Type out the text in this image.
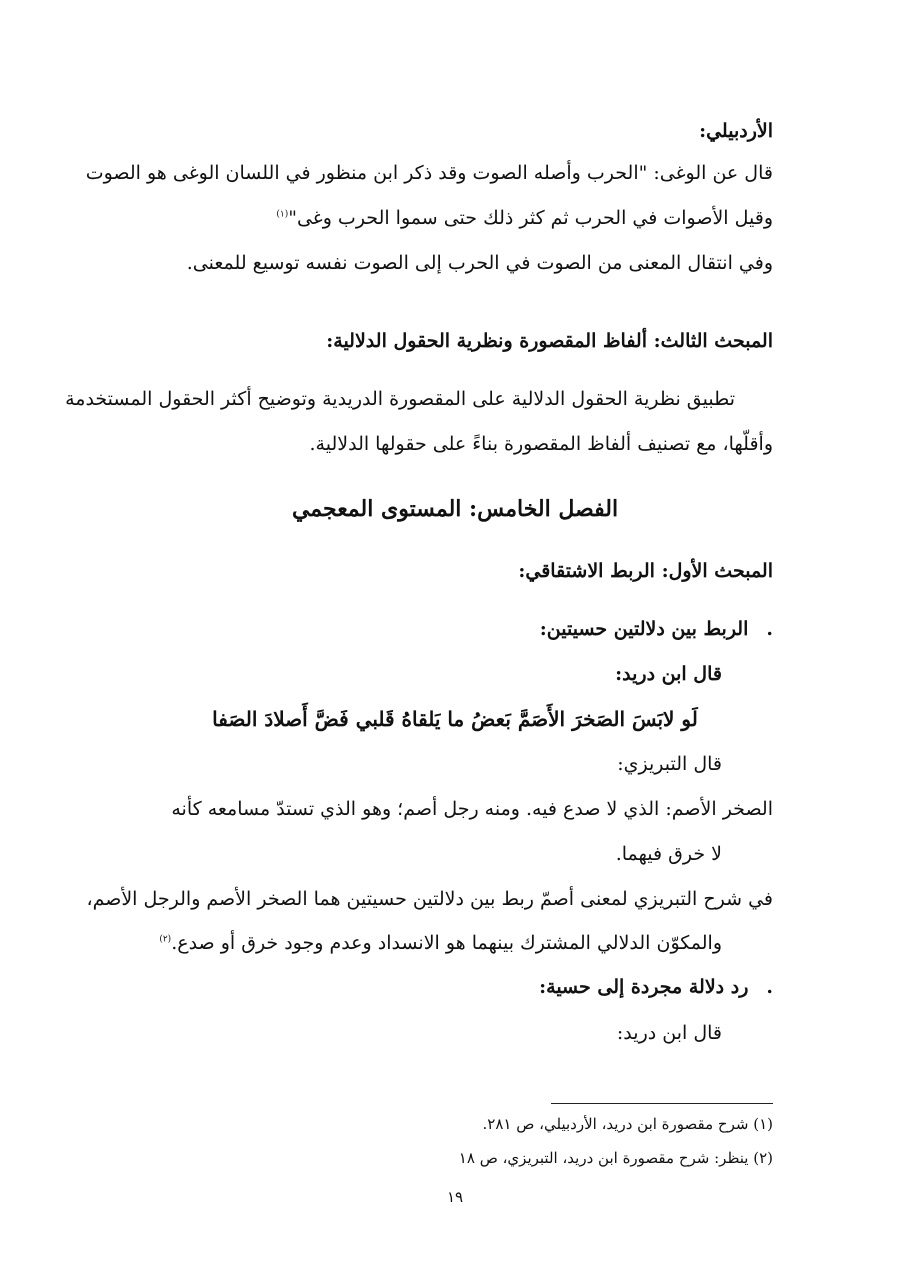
الأردبيلي:
قال عن الوغى: "الحرب وأصله الصوت وقد ذكر ابن منظور في اللسان الوغى هو الصوت
وقيل الأصوات في الحرب ثم كثر ذلك حتى سموا الحرب وغى"$^{(١)}$
وفي انتقال المعنى من الصوت في الحرب إلى الصوت نفسه توسيع للمعنى.
المبحث الثالث: ألفاظ المقصورة ونظرية الحقول الدلالية:
تطبيق نظرية الحقول الدلالية على المقصورة الدريدية وتوضيح أكثر الحقول المستخدمة
وأقلّها، مع تصنيف ألفاظ المقصورة بناءً على حقولها الدلالية.
الفصل الخامس: المستوى المعجمي
المبحث الأول: الربط الاشتقاقي:
.الربط بين دلالتين حسيتين:
قال ابن دريد:
لَو لابَسَ الصَخرَ الأَصَمَّ بَعضُ ما يَلقاهُ قَلبي فَضَّ أَصلادَ الصَفا
قال التبريزي:
الصخر الأصم: الذي لا صدع فيه. ومنه رجل أصم؛ وهو الذي تستدّ مسامعه كأنه
لا خرق فيهما.
في شرح التبريزي لمعنى أصمّ ربط بين دلالتين حسيتين هما الصخر الأصم والرجل الأصم،
والمكوّن الدلالي المشترك بينهما هو الانسداد وعدم وجود خرق أو صدع.$^{(٢)}$
.رد دلالة مجردة إلى حسية:
قال ابن دريد:
(١) شرح مقصورة ابن دريد، الأردبيلي، ص ٢٨١.
(٢) ينظر: شرح مقصورة ابن دريد، التبريزي، ص ١٨
١٩
